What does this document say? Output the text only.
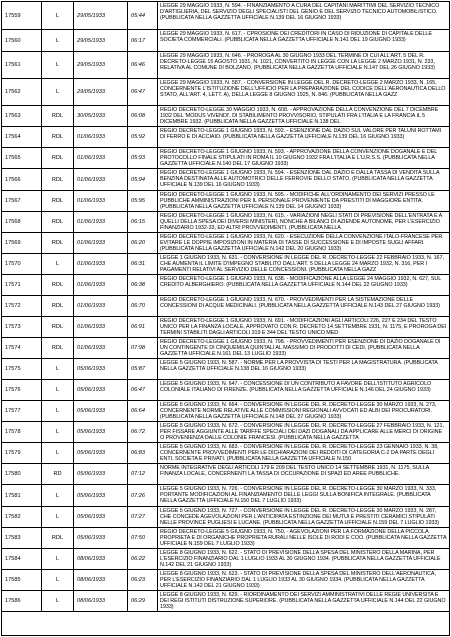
17559	L	29/05/1933	05:44
LEGGE 29 MAGGIO 1933, N. 594. - FINANZIAMENTO A CURA DEL CAPITANI MARITTIMI DEL SERVIZIO TECNICO D'ARTIGLIERIA, DEL SERVIZIO DEGLI SPECIALISTI DEL GENIO E DEL SERVIZIO TECNICO AUTOMOBILISTICO. (PUBBLICATA NELLA GAZZETTA UFFICIALE N.139 DEL 16 GIUGNO 1933)
17560	L	29/05/1933	06:17
LEGGE 29 MAGGIO 1933, N. 617. - CPROSIONE DEI CREDITORI IN CASO DI RIDUZIONE DI CAPITALE DELLE SOCIETA COMMERCIALI. (PUBBLICATA NELLA GAZZETTA UFFICIALE N.141 DEL 19 GIUGNO 1933)
17561	L	29/05/1933	06:46
LEGGE 29 MAGGIO 1933, N. 646. - PROROGA AL 30 GIUGNO 1933 DEL TERMINE DI CUI ALL'ART. 5 DEL R. DECRETO-LEGGE 15 AGOSTO 1931, N. 1021, CONVERTITO IN LEGGE CON LA LEGGE 2 MARZO 1931, N. 233, RELATIVA AL COMUNE DI BOLZANO. (PUBBLICATA NELLA GAZZETTA UFFICIALE N.147 DEL 26 GIUGNO 1933)
17562	L	29/05/1933	06:47
LEGGE 29 MAGGIO 1933, N. 587. - CONVERSIONE IN LEGGE DEL R. DECRETO-LEGGE 2 MARZO 1933, N. 165, CONCERNENTE L'ISTITUZIONE DELL'UFFICIO PER LA PREPARAZIONE DEL CODICE DELL'AERONAUTICA DELLO STATO, ALL'ART. 4, LETT. A), DELLA LEGGE 8 GIUGNO 1925, N. 846. (PUBBLICATA NELLA GAZZ
17563	RDL	30/05/1933	06:08
REGIO DECRETO-LEGGE 30 MAGGIO 1933, N. 608. - APPROVAZIONE DELLA CONVENZIONE DEL 7 DICEMBRE 1932 DEL 'MODUS VIVENDI', DI STABILIMENTO PROVVISORIO, STIPULATI FRA L'ITALIA E LA FRANCIA IL 5 DICEMBRE 1932. (PUBBLICATA NELLA GAZZETTA UFFICIALE N.138 DEL
17564	RDL	01/06/1933	05:92
REGIO DECRETO-LEGGE 1 GIUGNO 1933, N. 592. - ESENZIONE DAL DAZIO SUL VALORE PER TALUNI ROTTAMI DI FERRO E DI ACCIAIO. (PUBBLICATA NELLA GAZZETTA UFFICIALE N.139 DEL 16 GIUGNO 1933)
17565	RDL	01/06/1933	05:93
REGIO DECRETO-LEGGE 1 GIUGNO 1933, N. 593. - APPROVAZIONE DELLA CONVENZIONE DOGANALE E DEL PROTOCOLLO FINALE STIPULATI IN ROMA IL 10 GIUGNO 1932 FRA L'ITALIA E L'U.R.S.S. (PUBBLICATA NELLA GAZZETTA UFFICIALE N.140 DEL 17 GIUGNO 1933)
17566	RDL	01/06/1933	05:94
REGIO DECRETO-LEGGE 1 GIUGNO 1933, N. 594. - ESENZIONE DAL DAZIO E DALLA TASSA DI VENDITA SULLA BENZINA DESTINATA ALLE AUTOMOTRICI DELLE FERROVIE DELLO STATO. (PUBBLICATA NELLA GAZZETTA UFFICIALE N.139 DEL 16 GIUGNO 1933)
17567	RDL	01/06/1933	05:95
REGIO DECRETO-LEGGE 1 GIUGNO 1933, N. 595. - MODIFICHE ALL'ORDINAMENTO DEI SERVIZI PRESSO LE PUBBLICHE AMMINISTRAZIONI PER IL PERSONALE PROVENIENTE DA PRESTITI DI MAGGIORE ENTITA. (PUBBLICATA NELLA GAZZETTA UFFICIALE N.139 DEL 14 GIUGNO 1933)
17568	RDL	01/06/1933	06:15
REGIO DECRETO-LEGGE 1 GIUGNO 1933, N. 615. - VARIAZIONI NEGLI STATI DI PREVISIONE DELL'ENTRATA E A QUELLI DELLA SPESA DEI DIVERSI MINISTERI, NONCHE A BILANCI DI AZIENDE AUTONOME, PER L'ESERCIZIO FINANZIARIO 1932-33, ED ALTRI PROVVEDIMENTI. (PUBBLICATA NELLA
17569	RDL	01/06/1933	06:20
REGIO DECRETO-LEGGE 1 GIUGNO 1933, N. 620. - ESECUZIONE DELLA CONVENZIONE ITALO-FRANCESE PER EVITARE LE DOPPIE IMPOSIZIONI IN MATERIA DI TASSE DI SUCCESSIONE E DI IMPOSTE SUGLI AFFARI. (PUBBLICATA NELLA GAZZETTA UFFICIALE N.142 DEL 20 GIUGNO 1933)
17570	L	01/06/1933	06:31
LEGGE 1 GIUGNO 1933, N. 631. - CONVERSIONE IN LEGGE DEL R. DECRETO-LEGGE 22 FEBBRAIO 1933, N. 167, CHE AUMENTA IL LIMITE D'IMPEGNO STABILITO DALL'ART. 5 DELLA LEGGE 24 MARZO 1932, N. 316, PER I PAGAMENTI RELATIVI AL SERVIZIO DELLE CONCESSIONI. (PUBBLICATA NELLA GAZZ
17571	RDL	01/06/1933	06:38
REGIO DECRETO-LEGGE 1 GIUGNO 1933, N. 638. - MODIFICAZIONE ALLA LEGGE 24 MAGGIO 1932, N. 627, SUL CREDITO ALBERGHIERO. (PUBBLICATA NELLA GAZZETTA UFFICIALE N.144 DEL 22 GIUGNO 1933)
17572	RDL	01/06/1933	06:70
REGIO DECRETO-LEGGE 1 GIUGNO 1933, N. 670. - PROVVEDIMENTI PER LA SISTEMAZIONE DELLE CONCESSIONI DI ACQUE MEDICINALI. (PUBBLICATA NELLA GAZZETTA UFFICIALE N.143 DEL 27 GIUGNO 1933)
17573	RDL	01/06/1933	06:91
REGIO DECRETO-LEGGE 1 GIUGNO 1933, N. 691. - MODIFICAZIONI AGLI ARTICOLI 226, 227 E 234 DEL TESTO UNICO PER LA FINANZA LOCALE, APPROVATO CON R. DECRETO 14 SETTEMBRE 1931, N. 1175, E PROROGA DEI TERMINI STABILITI DAGLI ARTICOLI 319 E 344 DEL TESTO UNICO MED
17574	RDL	01/06/1933	07:98
REGIO DECRETO-LEGGE 1 GIUGNO 1933, N. 798. - PROVVEDIMENTI PER ESENZIONE DI DAZIO DOGANALE DI UN CONTINGENTE DI CINQUEMILA QUINTALI AL MASSIMO DI PRODOTTI DI CEDI. (PUBBLICATA NELLA GAZZETTA UFFICIALE N.161 DEL 13 LUGLIO 1933)
17575	L	05/06/1933	05:87
LEGGE 5 GIUGNO 1933, N. 587. - NORME PER LA PROVVISTA DI TESTI PER LA MAGISTRATURA. (PUBBLICATA NELLA GAZZETTA UFFICIALE N.138 DEL 16 GIUGNO 1933)
17576	L	05/06/1933	06:47
LEGGE 5 GIUGNO 1933, N. 647. - CONCESSIONE DI UN CONTRIBUTO A FAVORE DELL'ISTITUTO AGRICOLO COLONIALE ITALIANO DI FIRENZE. (PUBBLICATA NELLA GAZZETTA UFFICIALE N.146 DEL 24 GIUGNO 1933)
17577	L	05/06/1933	06:64
LEGGE 5 GIUGNO 1933, N. 664. - CONVERSIONE IN LEGGE DEL R. DECRETO-LEGGE 30 MARZO 1933, N. 273, CONCERNENTE NORME RELATIVE ALLE COMMISSIONI REGIONALI AVVOCATI ED ALBI DEI PROCURATORI. (PUBBLICATA NELLA GAZZETTA UFFICIALE N.148 DEL 27 GIUGNO 1933)
17578	L	05/06/1933	06:72
LEGGE 5 GIUGNO 1933, N. 672. - CONVERSIONE IN LEGGE DEL R. DECRETO-LEGGE 27 FEBBRAIO 1933, N. 121, PER FISSARE AGGIUNTE ALLE TARIFFE SPECIALI DEI DAZI DOGANALI DA APPLICARE ALLE MERCI DI ORIGINE O PROVENIENZA DALLE COLONIE FRANCESI. (PUBBLICATA NELLA GAZZETTA
17579	L	05/06/1933	06:83
LEGGE 5 GIUGNO 1933, N. 683. - CONVERSIONE IN LEGGE DEL R. DECRETO-LEGGE 23 GENNAIO 1933, N. 38, CONCERNENTE PROVVEDIMENTI PER LE DICHIARAZIONI DEI REDDITI DI CATEGORIA C-2 DA PARTE DEGLI ENTI, SOCIETA E PRIVATI. (PUBBLICATA NELLA GAZZETTA UFFICIALE N.150
17580	RD	05/06/1933	07:12
NORME INTEGRATIVE DEGLI ARTICOLI 179 E 209 DEL TESTO UNICO 14 SETTEMBRE 1931, N. 1175, SULLA FINANZA LOCALE, CONCERNENTI LA TASSA DI OCCUPAZIONE DI SPAZI ED AREE PUBBLICHE.
17581	L	05/06/1933	07:26
LEGGE 5 GIUGNO 1933, N. 726. - CONVERSIONE IN LEGGE DEL R. DECRETO-LEGGE 30 MARZO 1933, N. 333, PORTANTE MODIFICAZIONI AL FINANZIAMENTO DELLE LEGGI SULLA BONIFICA INTEGRALE. (PUBBLICATA NELLA GAZZETTA UFFICIALE N.150 DEL 7 LUGLIO 1933)
17582	L	05/06/1933	07:27
LEGGE 5 GIUGNO 1933, N. 727. - CONVERSIONE IN LEGGE DEL R. DECRETO-LEGGE 30 MARZO 1933, N. 287, CHE CONCEDE AGEVOLAZIONI PER L'ANTICIPATA ESTINZIONE DEI MUTUI E PRESTITI CERAMICI STIPULATI NELLE PROVINCE PUGLIESI E LUCANE. (PUBBLICATA NELLA GAZZETTA UFFICIALE N.159 DEL 7 LUGLIO 1933)
17583	RDL	05/06/1933	07:50
REGIO DECRETO-LEGGE 5 GIUGNO 1933, N. 750. - AGEVOLAZIONI PER LA FORMAZIONE DELLA PICCOLA PROPRIETA E DI ORGANICHE PROPRIETA RURALI NELLE ISOLE DI RODI E COO. (PUBBLICATA NELLA GAZZETTA UFFICIALE N.159 DEL 7 LUGLIO 1933)
17584	L	08/06/1933	06:22
LEGGE 8 GIUGNO 1933, N. 622. - STATO DI PREVISIONE DELLA SPESA DEL MINISTERO DELLA MARINA, PER L'ESERCIZIO FINANZIARIO DAL 1 LUGLIO 1933 AL 30 GIUGNO 1934. (PUBBLICATA NELLA GAZZETTA UFFICIALE N.142 DEL 21 GIUGNO 1933)
17585	L	08/06/1933	06:23
LEGGE 8 GIUGNO 1933, N. 623. - STATO DI PREVISIONE DELLA SPESA DEL MINISTERO DELL'AERONAUTICA, PER L'ESERCIZIO FINANZIARIO DAL 1 LUGLIO 1933 AL 30 GIUGNO 1934. (PUBBLICATA NELLA GAZZETTA UFFICIALE N.142 DEL 21 GIUGNO 1933)
17586	L	08/06/1933	06:29
LEGGE 8 GIUGNO 1933, N. 629. - RIORDINAMENTO DEI SERVIZI AMMINISTRATIVI DELLE REGIE UNIVERSITA E DEI REGI ISTITUTI DISTRUZIONE SUPERIORE. (PUBBLICATA NELLA GAZZETTA UFFICIALE N.144 DEL 22 GIUGNO 1933)
